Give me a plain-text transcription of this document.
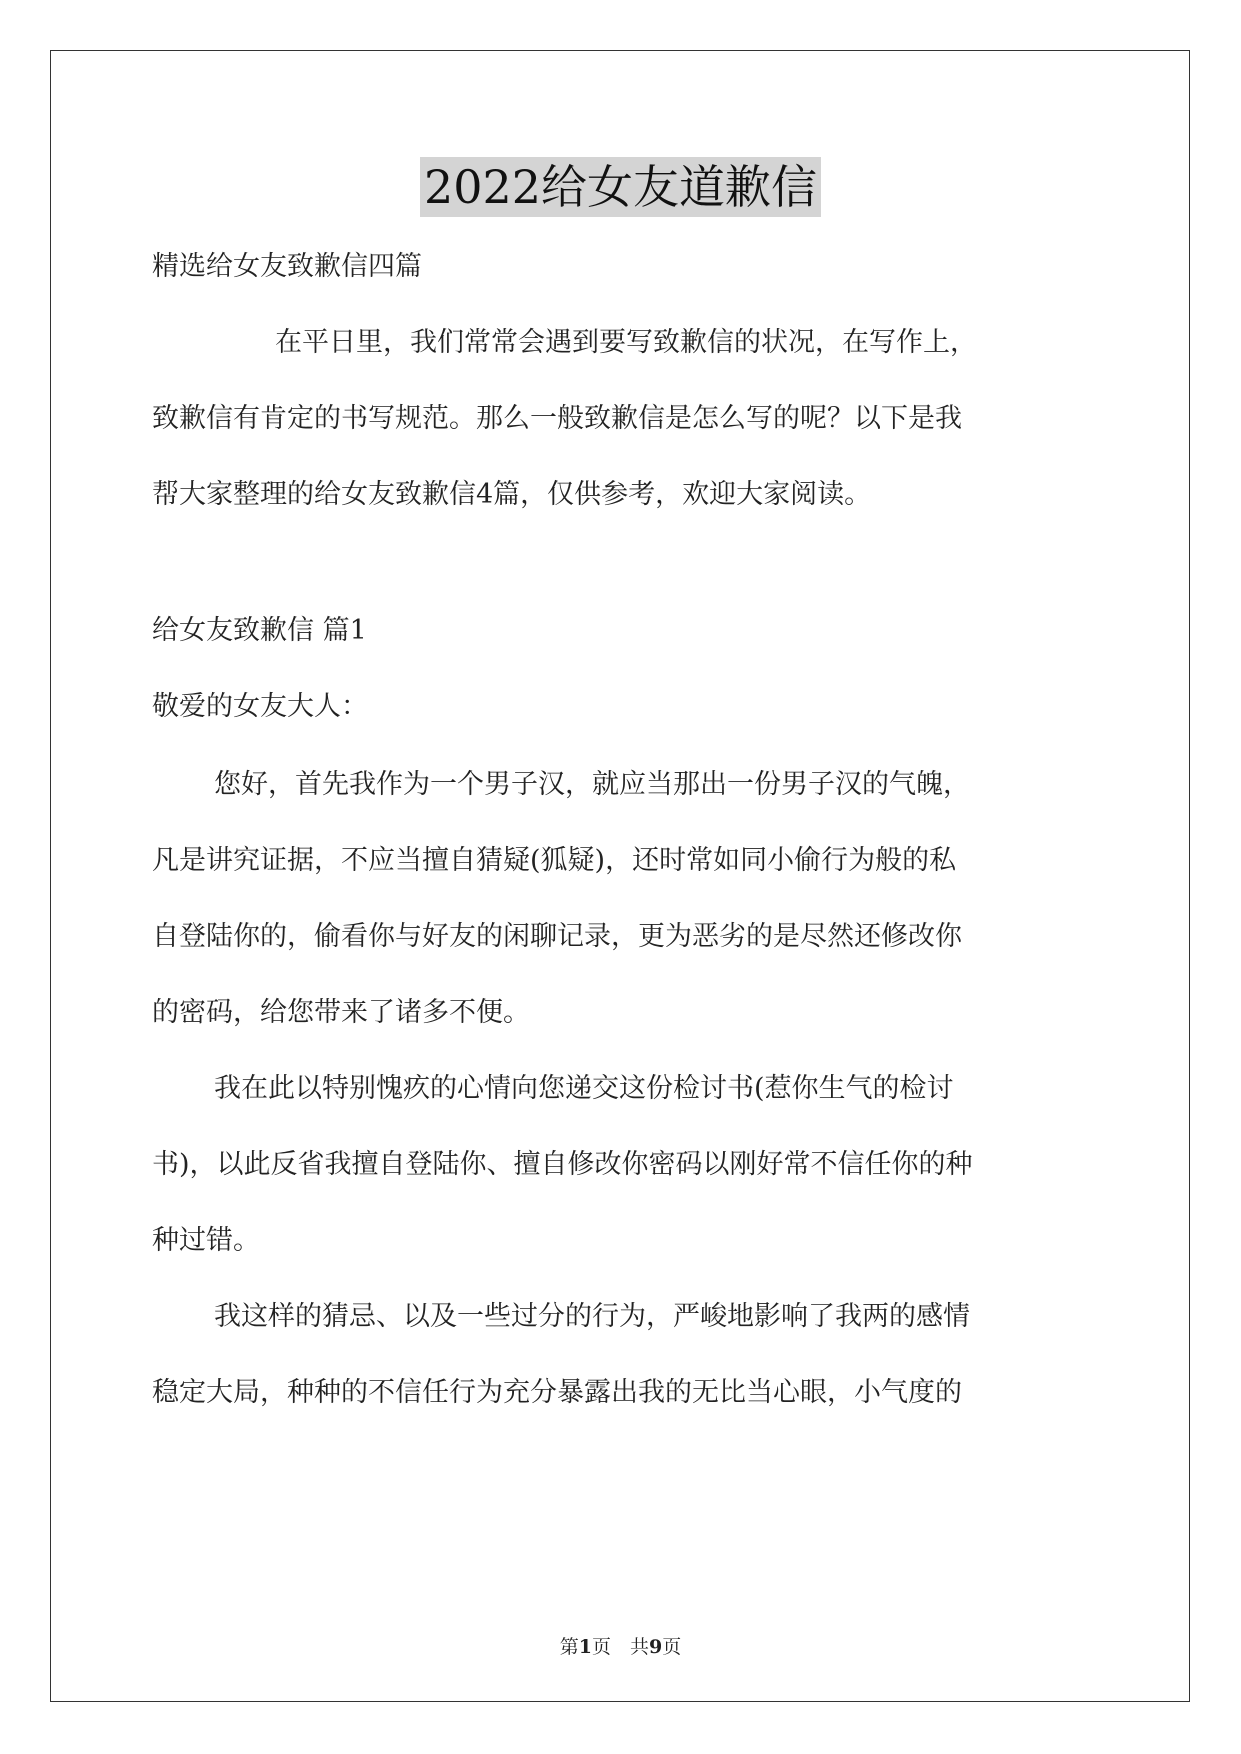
2022给女友道歉信
精选给女友致歉信四篇
在平日里，我们常常会遇到要写致歉信的状况，在写作上，
致歉信有肯定的书写规范。那么一般致歉信是怎么写的呢？以下是我
帮大家整理的给女友致歉信4篇，仅供参考，欢迎大家阅读。
给女友致歉信 篇1
敬爱的女友大人：
您好，首先我作为一个男子汉，就应当那出一份男子汉的气魄，
凡是讲究证据，不应当擅自猜疑(狐疑)，还时常如同小偷行为般的私
自登陆你的，偷看你与好友的闲聊记录，更为恶劣的是尽然还修改你
的密码，给您带来了诸多不便。
我在此以特别愧疚的心情向您递交这份检讨书(惹你生气的检讨
书)，以此反省我擅自登陆你、擅自修改你密码以刚好常不信任你的种
种过错。
我这样的猜忌、以及一些过分的行为，严峻地影响了我两的感情
稳定大局，种种的不信任行为充分暴露出我的无比当心眼，小气度的
第1页　共9页
